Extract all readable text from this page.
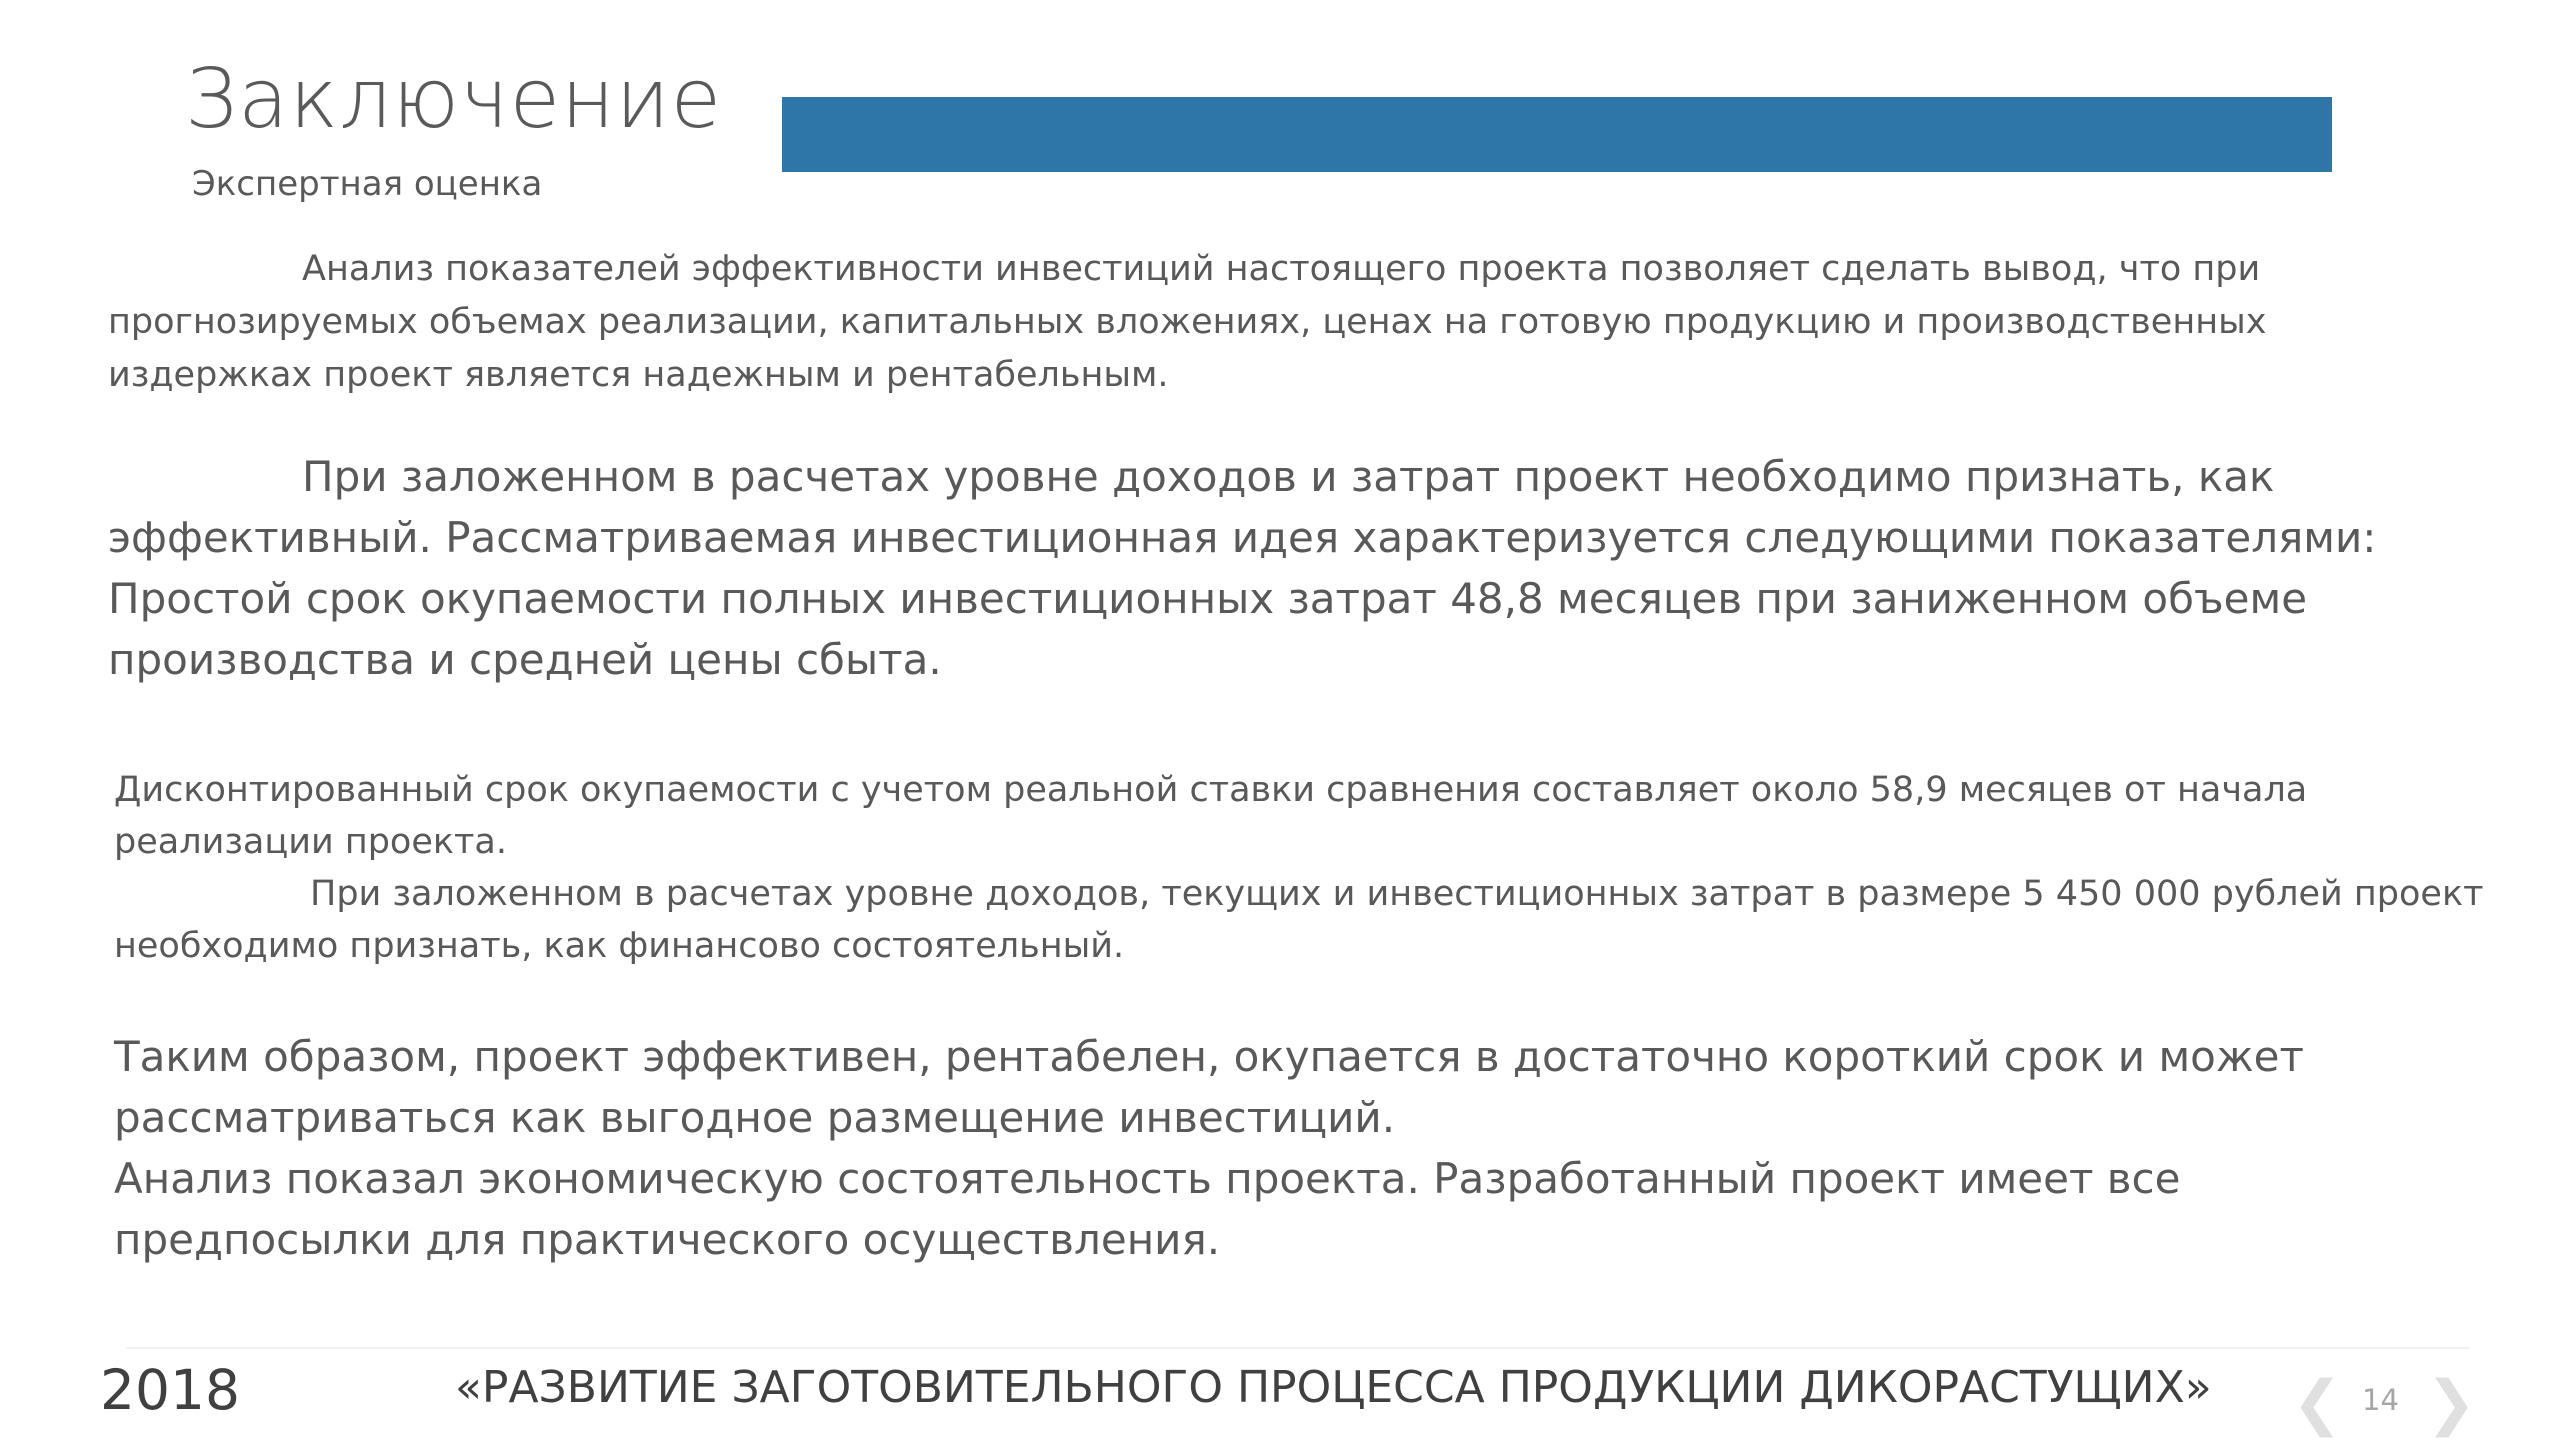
Заключение
Экспертная оценка

Анализ показателей эффективности инвестиций настоящего проекта позволяет сделать вывод, что при прогнозируемых объемах реализации, капитальных вложениях, ценах на готовую продукцию и производственных издержках проект является надежным и рентабельным.

При заложенном в расчетах уровне доходов и затрат проект необходимо признать, как эффективный. Рассматриваемая инвестиционная идея характеризуется следующими показателями:
Простой срок окупаемости полных инвестиционных затрат 48,8 месяцев при заниженном объеме производства и средней цены сбыта.

Дисконтированный срок окупаемости с учетом реальной ставки сравнения составляет около 58,9 месяцев от начала реализации проекта.
При заложенном в расчетах уровне доходов, текущих и инвестиционных затрат в размере 5 450 000 рублей проект необходимо признать, как финансово состоятельный.

Таким образом, проект эффективен, рентабелен, окупается в достаточно короткий срок и может рассматриваться как выгодное размещение инвестиций.
Анализ показал экономическую состоятельность проекта. Разработанный проект имеет все предпосылки для практического осуществления.

2018	«РАЗВИТИЕ ЗАГОТОВИТЕЛЬНОГО ПРОЦЕССА ПРОДУКЦИИ ДИКОРАСТУЩИХ» ❮ 14 ❯
